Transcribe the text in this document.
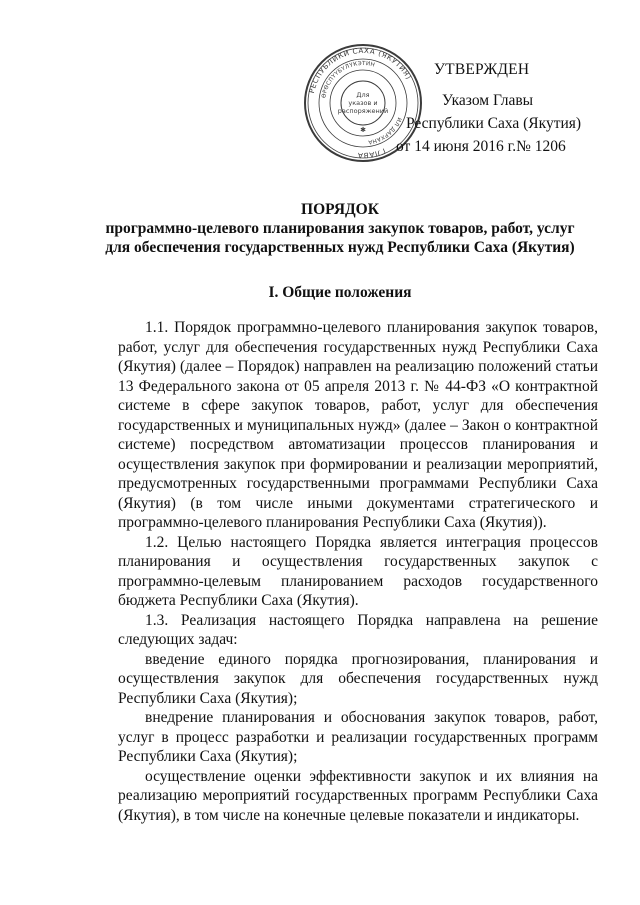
РЕСПУБЛИКИ САХА (ЯКУТИЯ)
ГЛАВА
ӨРӨСПҮҮБҮЛҮКЭТИН
ИЛ ДАРХАНА
Для
указов и
распоряжений
✱
УТВЕРЖДЕН
Указом Главы
Республики Саха (Якутия)
от 14 июня 2016 г.№ 1206
ПОРЯДОК
программно-целевого планирования закупок товаров, работ, услуг
для обеспечения государственных нужд Республики Саха (Якутия)
I. Общие положения

1.1. Порядок программно-целевого планирования закупок товаров, работ, услуг для обеспечения государственных нужд Республики Саха (Якутия) (далее – Порядок) направлен на реализацию положений статьи 13 Федерального закона от 05 апреля 2013 г. № 44-ФЗ «О контрактной системе в сфере закупок товаров, работ, услуг для обеспечения государственных и муниципальных нужд» (далее – Закон о контрактной системе) посредством автоматизации процессов планирования и осуществления закупок при формировании и реализации мероприятий, предусмотренных государственными программами Республики Саха (Якутия) (в том числе иными документами стратегического и программно-целевого планирования Республики Саха (Якутия)).

1.2. Целью настоящего Порядка является интеграция процессов планирования и осуществления государственных закупок с программно-целевым планированием расходов государственного бюджета Республики Саха (Якутия).

1.3. Реализация настоящего Порядка направлена на решение следующих задач:

введение единого порядка прогнозирования, планирования и осуществления закупок для обеспечения государственных нужд Республики Саха (Якутия);

внедрение планирования и обоснования закупок товаров, работ, услуг в процесс разработки и реализации государственных программ Республики Саха (Якутия);

осуществление оценки эффективности закупок и их влияния на реализацию мероприятий государственных программ Республики Саха (Якутия), в том числе на конечные целевые показатели и индикаторы.
